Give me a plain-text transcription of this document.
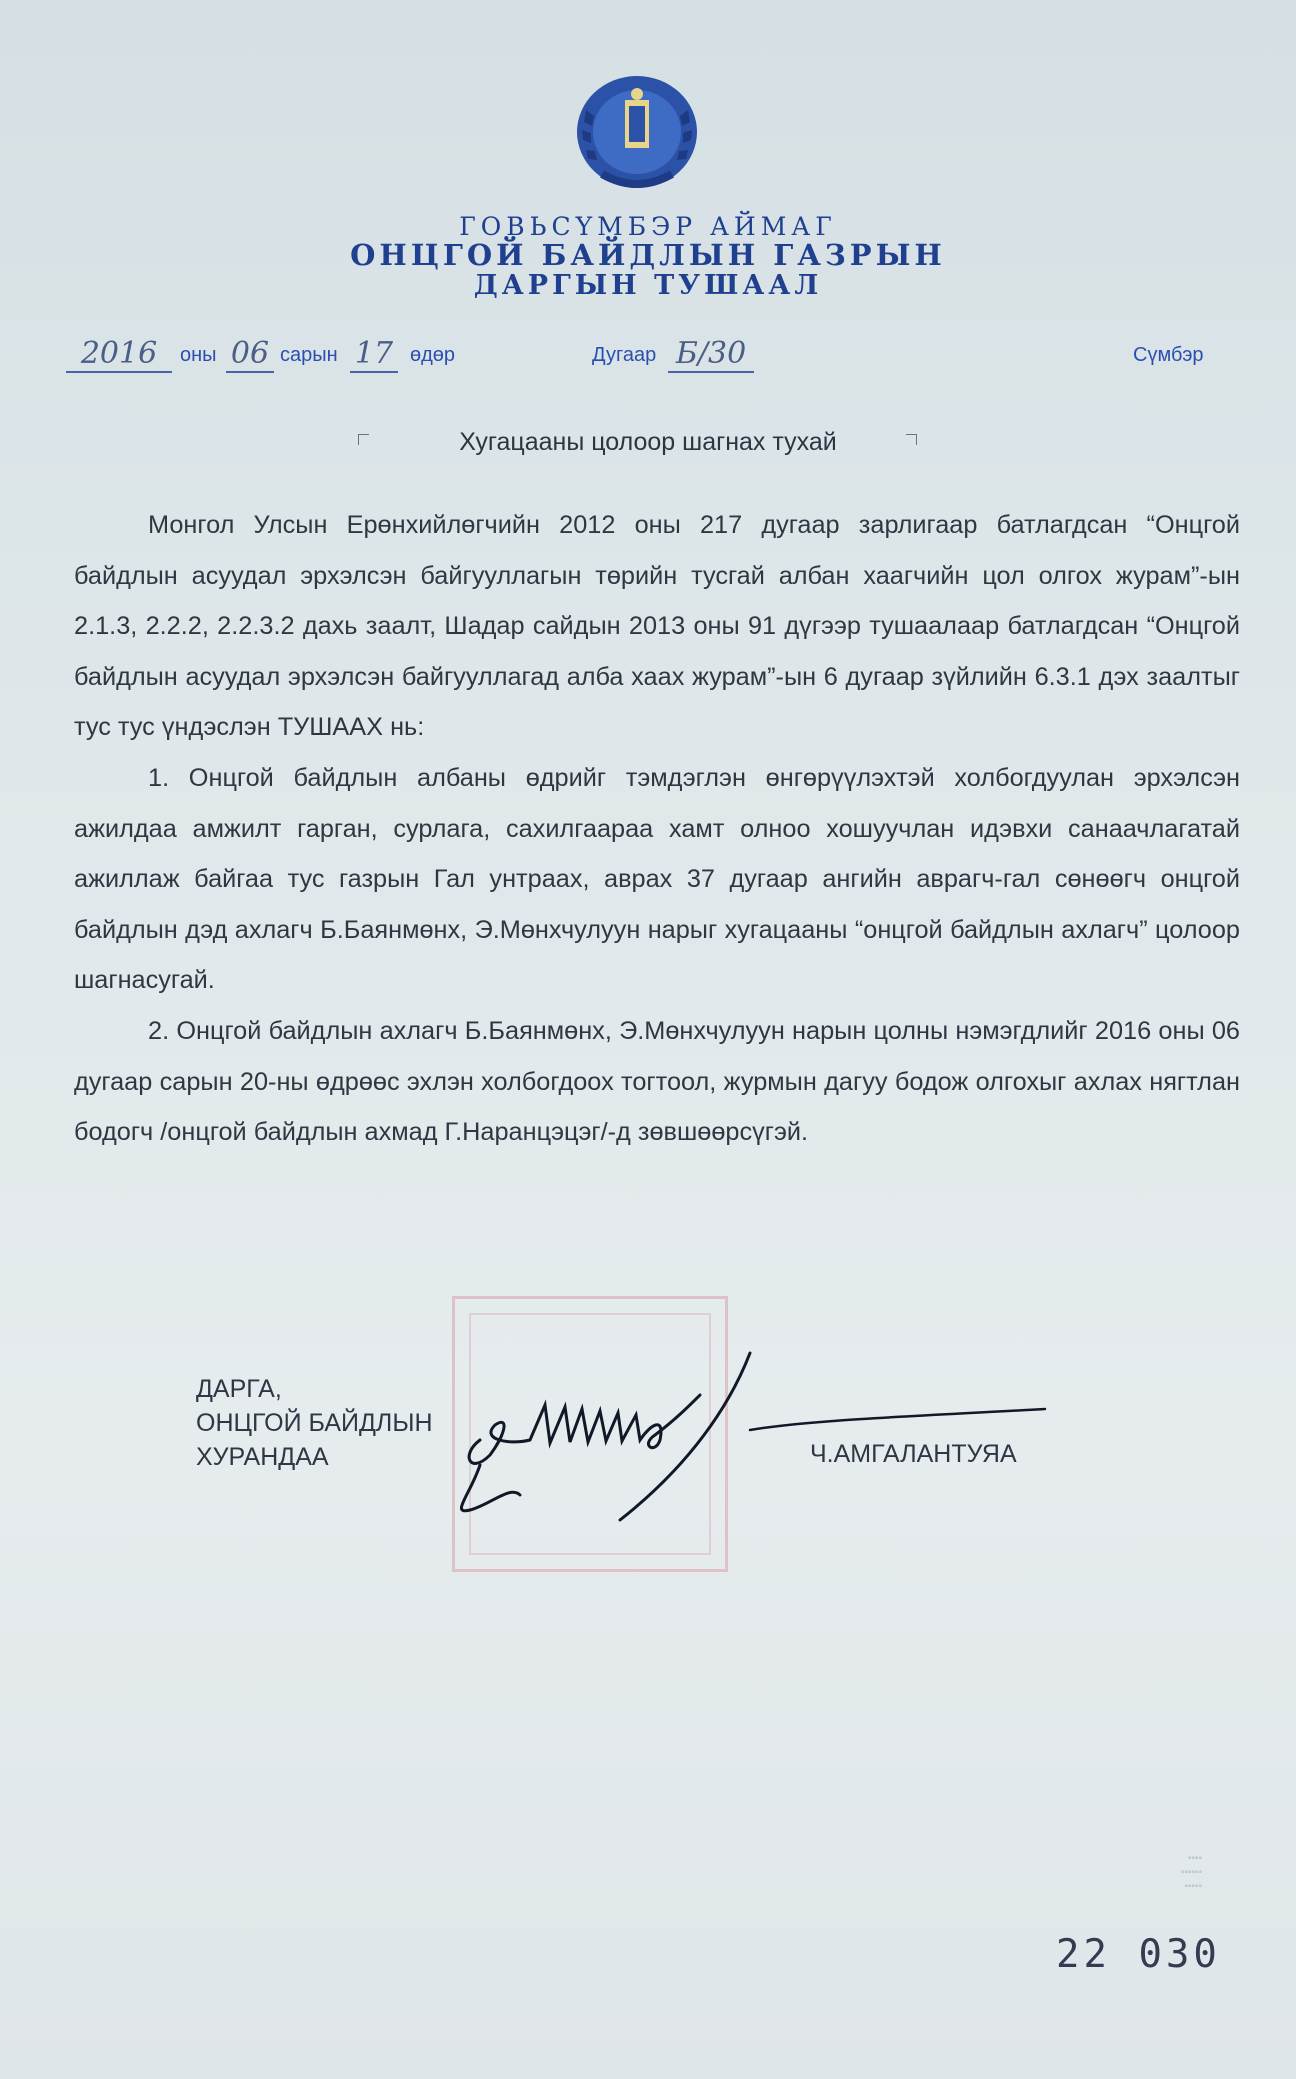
ГОВЬСҮМБЭР АЙМАГ
ОНЦГОЙ БАЙДЛЫН ГАЗРЫН
ДАРГЫН ТУШААЛ
2016	оны 06 сарын 17 өдөр	Дугаар Б/30	Сүмбэр
Хугацааны цолоор шагнах тухай

Монгол Улсын Ерөнхийлөгчийн 2012 оны 217 дугаар зарлигаар батлагдсан “Онцгой байдлын асуудал эрхэлсэн байгууллагын төрийн тусгай албан хаагчийн цол олгох журам”-ын 2.1.3, 2.2.2, 2.2.3.2 дахь заалт, Шадар сайдын 2013 оны 91 дүгээр тушаалаар батлагдсан “Онцгой байдлын асуудал эрхэлсэн байгууллагад алба хаах журам”-ын 6 дугаар зүйлийн 6.3.1 дэх заалтыг тус тус үндэслэн ТУШААХ нь:

1. Онцгой байдлын албаны өдрийг тэмдэглэн өнгөрүүлэхтэй холбогдуулан эрхэлсэн ажилдаа амжилт гарган, сурлага, сахилгаараа хамт олноо хошуучлан идэвхи санаачлагатай ажиллаж байгаа тус газрын Гал унтраах, аврах 37 дугаар ангийн аврагч-гал сөнөөгч онцгой байдлын дэд ахлагч Б.Баянмөнх, Э.Мөнхчулуун нарыг хугацааны “онцгой байдлын ахлагч” цолоор шагнасугай.

2. Онцгой байдлын ахлагч Б.Баянмөнх, Э.Мөнхчулуун нарын цолны нэмэгдлийг 2016 оны 06 дугаар сарын 20-ны өдрөөс эхлэн холбогдоох тогтоол, журмын дагуу бодож олгохыг ахлах нягтлан бодогч /онцгой байдлын ахмад Г.Наранцэцэг/-д зөвшөөрсүгэй.

ДАРГА,
ОНЦГОЙ БАЙДЛЫН
ХУРАНДАА	Ч.АМГАЛАНТУЯА
▪▪▪▪
▪▪▪▪▪▪
▪▪▪▪▪
22 030
